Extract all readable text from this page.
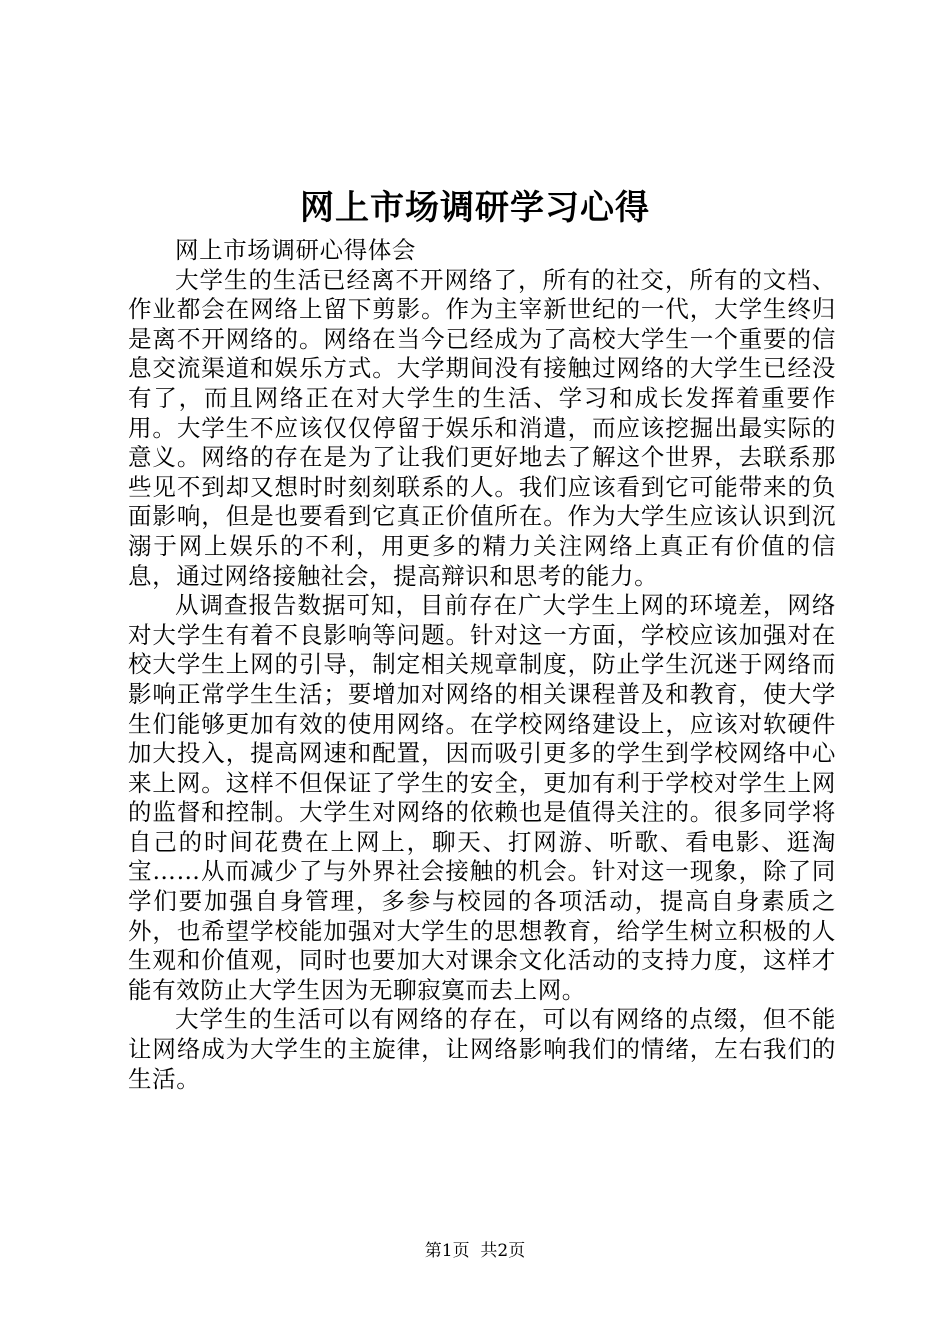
网上市场调研学习心得

网上市场调研心得体会

大学生的生活已经离不开网络了，所有的社交，所有的文档、作业都会在网络上留下剪影。作为主宰新世纪的一代，大学生终归是离不开网络的。网络在当今已经成为了高校大学生一个重要的信息交流渠道和娱乐方式。大学期间没有接触过网络的大学生已经没有了，而且网络正在对大学生的生活、学习和成长发挥着重要作用。大学生不应该仅仅停留于娱乐和消遣，而应该挖掘出最实际的意义。网络的存在是为了让我们更好地去了解这个世界，去联系那些见不到却又想时时刻刻联系的人。我们应该看到它可能带来的负面影响，但是也要看到它真正价值所在。作为大学生应该认识到沉溺于网上娱乐的不利，用更多的精力关注网络上真正有价值的信息，通过网络接触社会，提高辩识和思考的能力。

从调查报告数据可知，目前存在广大学生上网的环境差，网络对大学生有着不良影响等问题。针对这一方面，学校应该加强对在校大学生上网的引导，制定相关规章制度，防止学生沉迷于网络而影响正常学生生活；要增加对网络的相关课程普及和教育，使大学生们能够更加有效的使用网络。在学校网络建设上，应该对软硬件加大投入，提高网速和配置，因而吸引更多的学生到学校网络中心来上网。这样不但保证了学生的安全，更加有利于学校对学生上网的监督和控制。大学生对网络的依赖也是值得关注的。很多同学将自己的时间花费在上网上，聊天、打网游、听歌、看电影、逛淘宝……从而减少了与外界社会接触的机会。针对这一现象，除了同学们要加强自身管理，多参与校园的各项活动，提高自身素质之外，也希望学校能加强对大学生的思想教育，给学生树立积极的人生观和价值观，同时也要加大对课余文化活动的支持力度，这样才能有效防止大学生因为无聊寂寞而去上网。

大学生的生活可以有网络的存在，可以有网络的点缀，但不能让网络成为大学生的主旋律，让网络影响我们的情绪，左右我们的生活。

第1页  共2页
